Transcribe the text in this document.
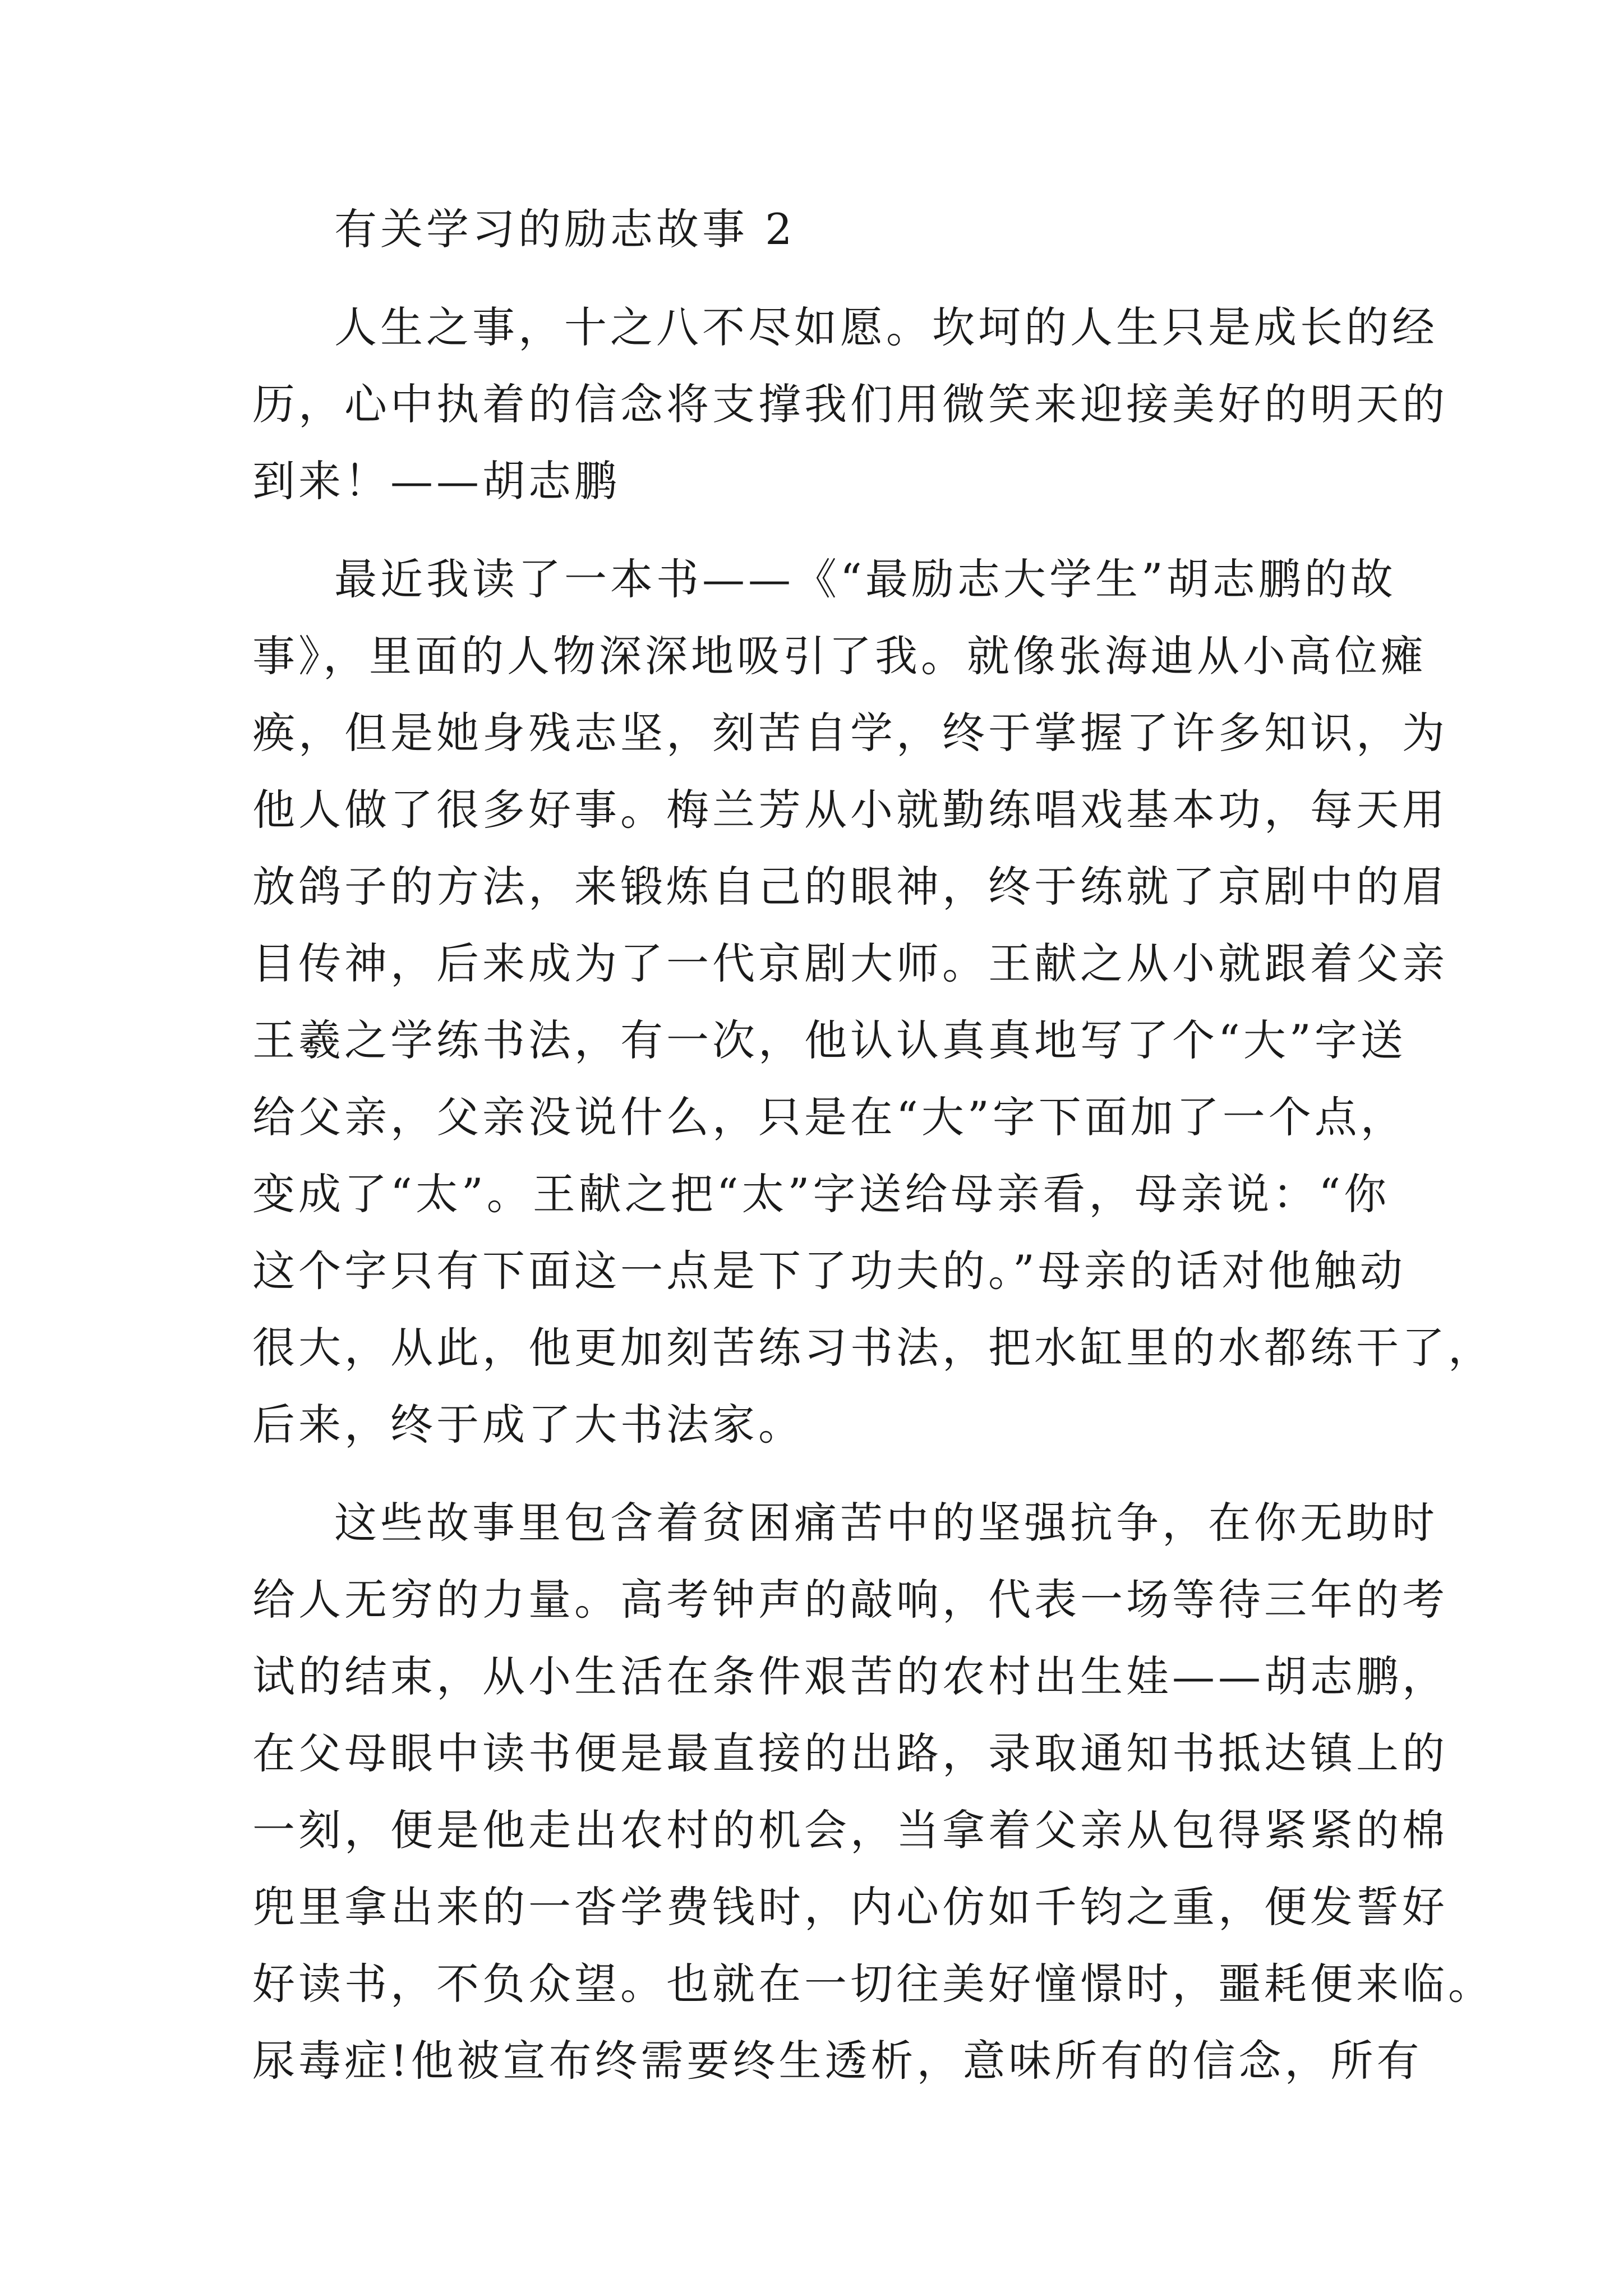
有关学习的励志故事 2
人生之事，十之八不尽如愿。坎坷的人生只是成长的经
历，心中执着的信念将支撑我们用微笑来迎接美好的明天的
到来！——胡志鹏
最近我读了一本书——《“最励志大学生”胡志鹏的故
事》，里面的人物深深地吸引了我。就像张海迪从小高位瘫
痪，但是她身残志坚，刻苦自学，终于掌握了许多知识，为
他人做了很多好事。梅兰芳从小就勤练唱戏基本功，每天用
放鸽子的方法，来锻炼自己的眼神，终于练就了京剧中的眉
目传神，后来成为了一代京剧大师。王献之从小就跟着父亲
王羲之学练书法，有一次，他认认真真地写了个“大”字送
给父亲，父亲没说什么，只是在“大”字下面加了一个点，
变成了“太”。王献之把“太”字送给母亲看，母亲说：“你
这个字只有下面这一点是下了功夫的。”母亲的话对他触动
很大，从此，他更加刻苦练习书法，把水缸里的水都练干了，
后来，终于成了大书法家。
这些故事里包含着贫困痛苦中的坚强抗争，在你无助时
给人无穷的力量。高考钟声的敲响，代表一场等待三年的考
试的结束，从小生活在条件艰苦的农村出生娃——胡志鹏，
在父母眼中读书便是最直接的出路，录取通知书抵达镇上的
一刻，便是他走出农村的机会，当拿着父亲从包得紧紧的棉
兜里拿出来的一沓学费钱时，内心仿如千钧之重，便发誓好
好读书，不负众望。也就在一切往美好憧憬时，噩耗便来临。
尿毒症!他被宣布终需要终生透析，意味所有的信念，所有
